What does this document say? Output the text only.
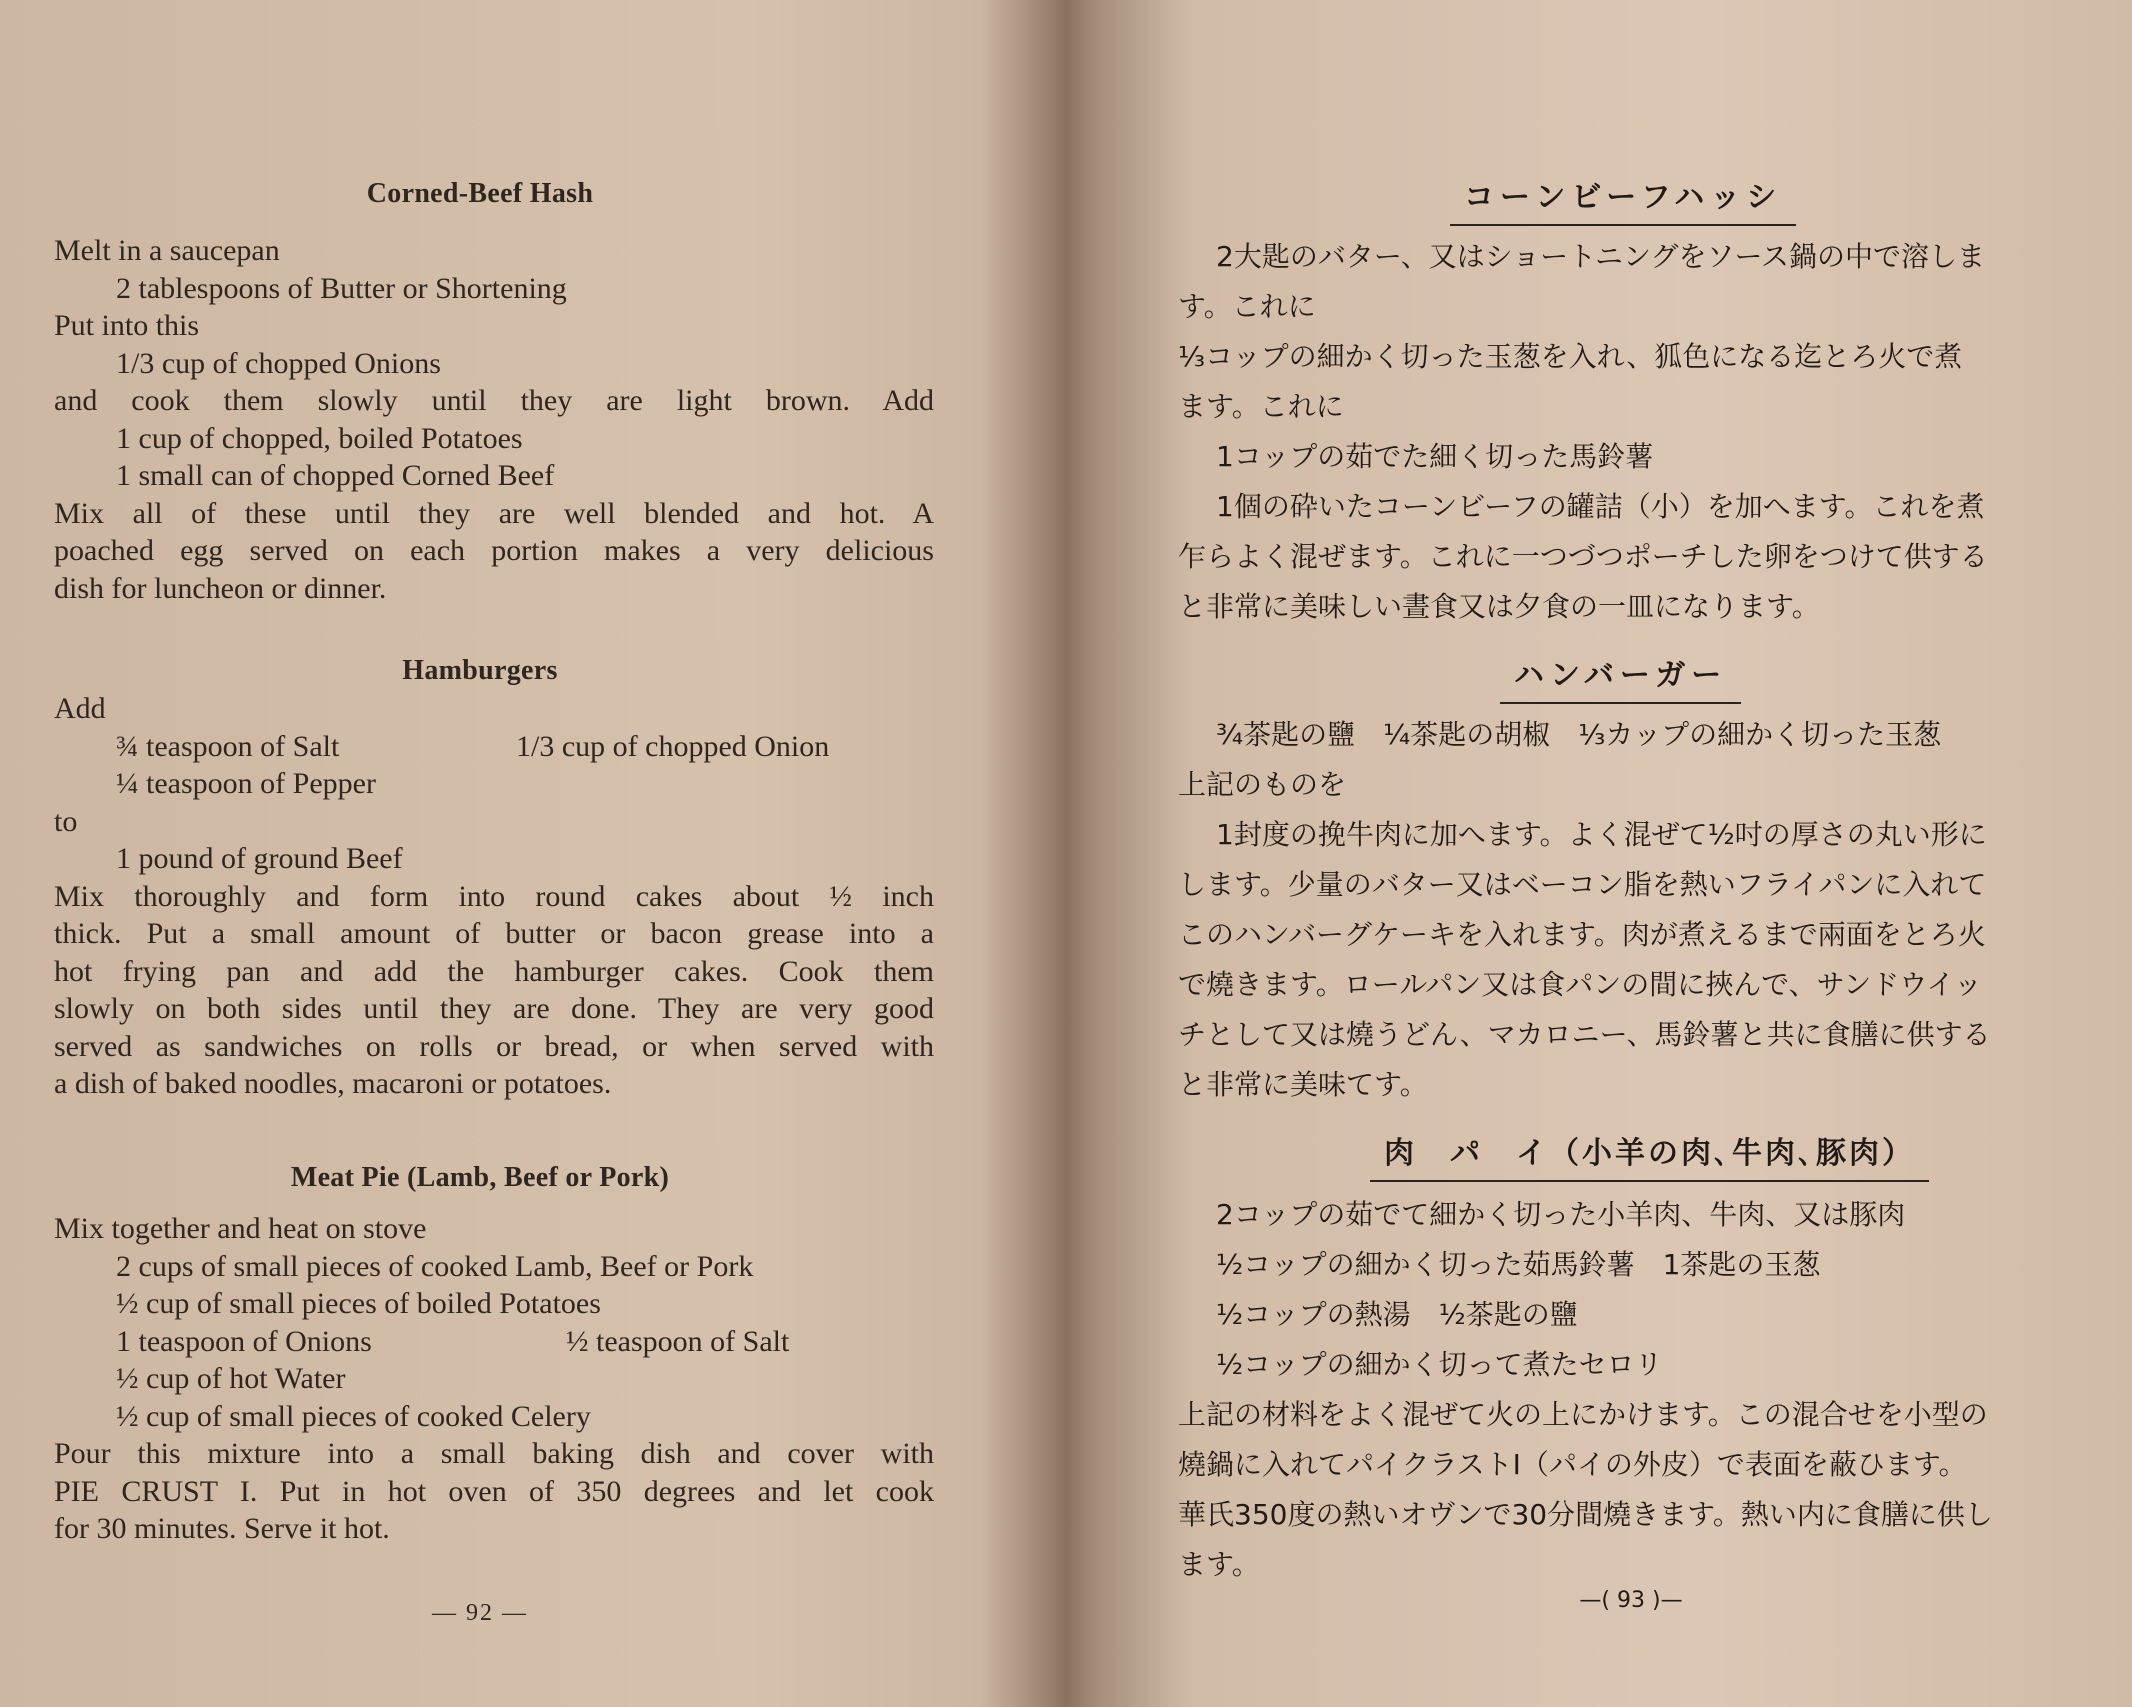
Corned-Beef Hash
Melt in a saucepan
2 tablespoons of Butter or Shortening
Put into this
1/3 cup of chopped Onions
and cook them slowly until they are light brown. Add
1 cup of chopped, boiled Potatoes
1 small can of chopped Corned Beef
Mix all of these until they are well blended and hot. A
poached egg served on each portion makes a very delicious
dish for luncheon or dinner.
Hamburgers
Add
¾ teaspoon of Salt	1/3 cup of chopped Onion
¼ teaspoon of Pepper
to
1 pound of ground Beef
Mix thoroughly and form into round cakes about ½ inch
thick. Put a small amount of butter or bacon grease into a
hot frying pan and add the hamburger cakes. Cook them
slowly on both sides until they are done. They are very good
served as sandwiches on rolls or bread, or when served with
a dish of baked noodles, macaroni or potatoes.
Meat Pie (Lamb, Beef or Pork)
Mix together and heat on stove
2 cups of small pieces of cooked Lamb, Beef or Pork
½ cup of small pieces of boiled Potatoes
1 teaspoon of Onions	½ teaspoon of Salt
½ cup of hot Water
½ cup of small pieces of cooked Celery
Pour this mixture into a small baking dish and cover with
PIE CRUST I. Put in hot oven of 350 degrees and let cook
for 30 minutes. Serve it hot.
— 92 —
コーンビーフハッシ
2大匙のバター、又はショートニングをソース鍋の中で溶しま
す。これに
⅓コップの細かく切った玉葱を入れ、狐色になる迄とろ火で煮
ます。これに
1コップの茹でた細く切った馬鈴薯
1個の砕いたコーンビーフの罐詰（小）を加へます。これを煮
乍らよく混ぜます。これに一つづつポーチした卵をつけて供する
と非常に美味しい晝食又は夕食の一皿になります。
ハンバーガー
¾茶匙の鹽　¼茶匙の胡椒　⅓カップの細かく切った玉葱
上記のものを
1封度の挽牛肉に加へます。よく混ぜて½吋の厚さの丸い形に
します。少量のバター又はベーコン脂を熱いフライパンに入れて
このハンバーグケーキを入れます。肉が煮えるまで兩面をとろ火
で燒きます。ロールパン又は食パンの間に挾んで、サンドウイッ
チとして又は燒うどん、マカロニー、馬鈴薯と共に食膳に供する
と非常に美味てす。
肉　パ　イ（小羊の肉､牛肉､豚肉）
2コップの茹でて細かく切った小羊肉、牛肉、又は豚肉
½コップの細かく切った茹馬鈴薯　1茶匙の玉葱
½コップの熱湯　½茶匙の鹽
½コップの細かく切って煮たセロリ
上記の材料をよく混ぜて火の上にかけます。この混合せを小型の
燒鍋に入れてパイクラストⅠ（パイの外皮）で表面を蔽ひます。
華氏350度の熱いオヴンで30分間燒きます。熱い内に食膳に供し
ます。
—( 93 )—
